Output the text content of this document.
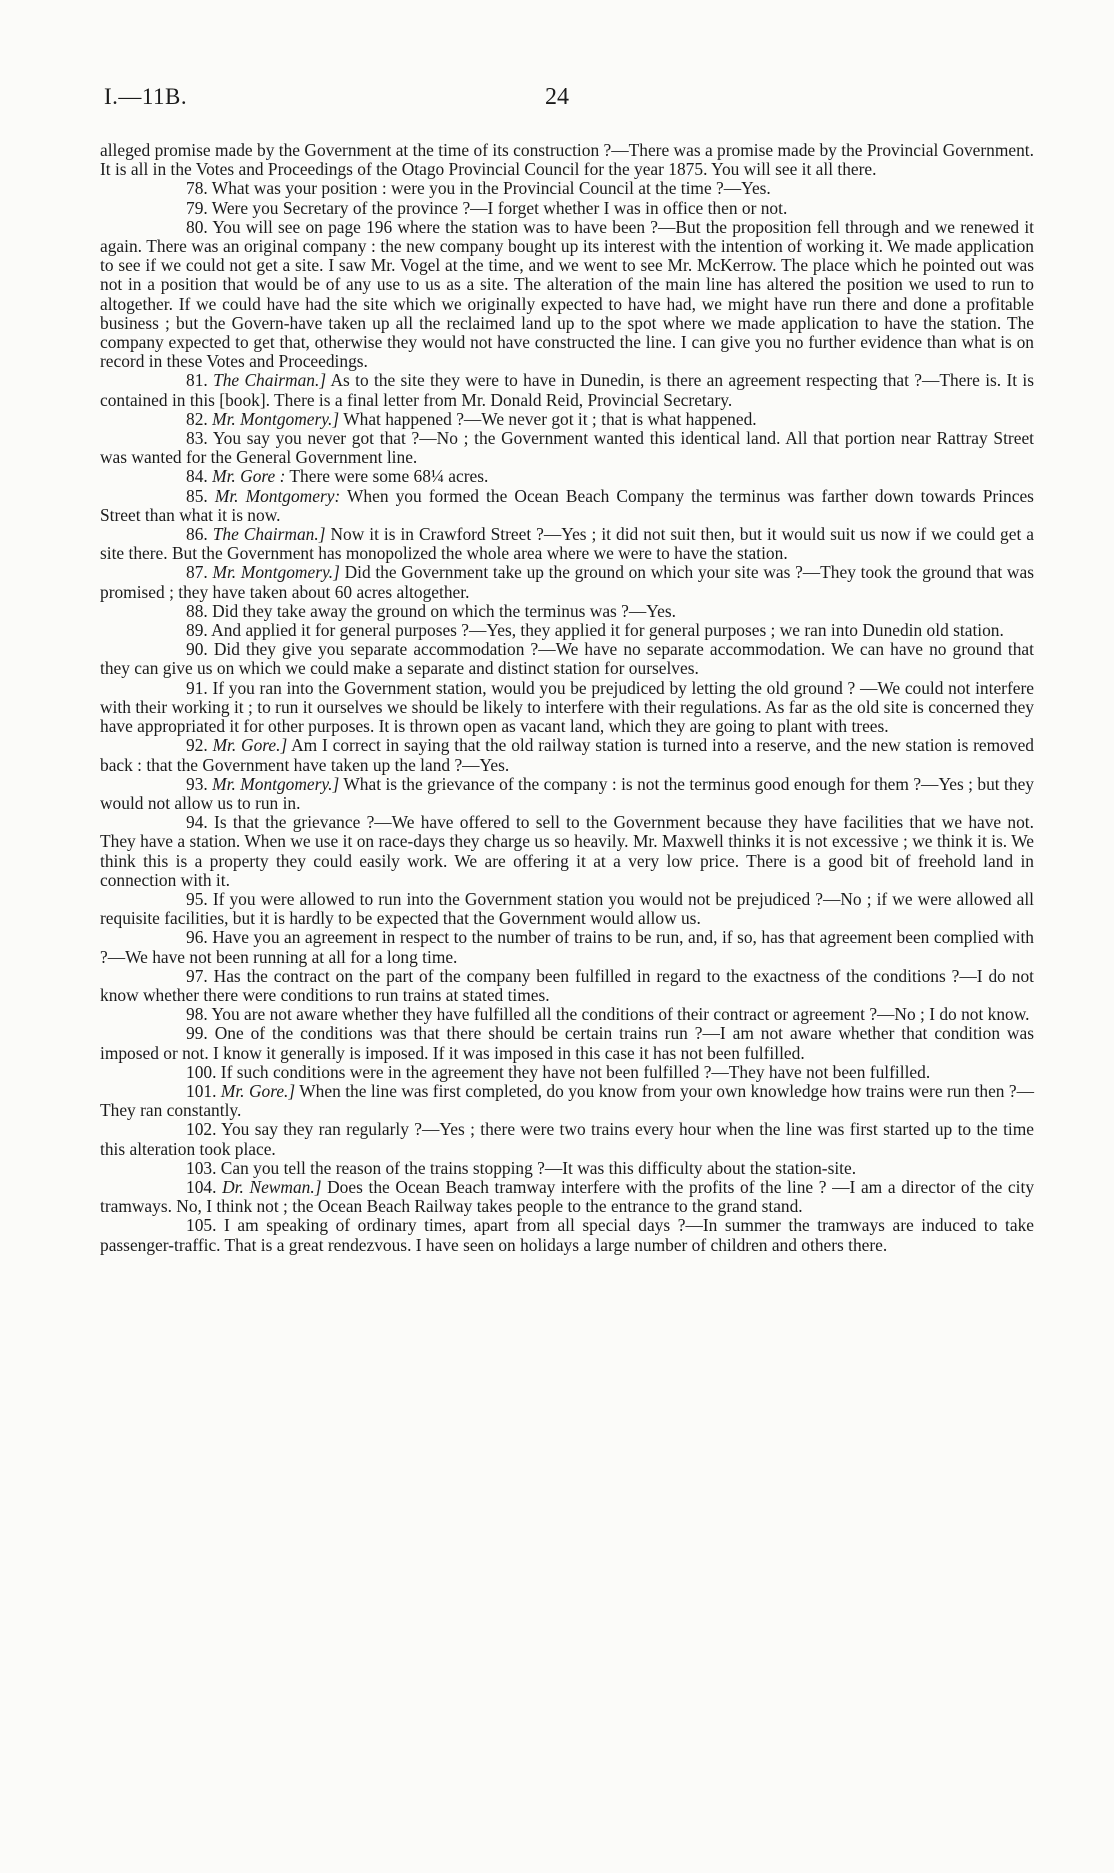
I.—11B.	24

alleged promise made by the Government at the time of its construction ?—There was a promise made by the Provincial Government. It is all in the Votes and Proceedings of the Otago Provincial Council for the year 1875. You will see it all there.

78. What was your position : were you in the Provincial Council at the time ?—Yes.

79. Were you Secretary of the province ?—I forget whether I was in office then or not.

80. You will see on page 196 where the station was to have been ?—But the proposition fell through and we renewed it again. There was an original company : the new company bought up its interest with the intention of working it. We made application to see if we could not get a site. I saw Mr. Vogel at the time, and we went to see Mr. McKerrow. The place which he pointed out was not in a position that would be of any use to us as a site. The alteration of the main line has altered the position we used to run to altogether. If we could have had the site which we originally expected to have had, we might have run there and done a profitable business ; but the Govern-have taken up all the reclaimed land up to the spot where we made application to have the station. The company expected to get that, otherwise they would not have constructed the line. I can give you no further evidence than what is on record in these Votes and Proceedings.

81. The Chairman.] As to the site they were to have in Dunedin, is there an agreement respecting that ?—There is. It is contained in this [book]. There is a final letter from Mr. Donald Reid, Provincial Secretary.

82. Mr. Montgomery.] What happened ?—We never got it ; that is what happened.

83. You say you never got that ?—No ; the Government wanted this identical land. All that portion near Rattray Street was wanted for the General Government line.

84. Mr. Gore : There were some 68¼ acres.

85. Mr. Montgomery: When you formed the Ocean Beach Company the terminus was farther down towards Princes Street than what it is now.

86. The Chairman.] Now it is in Crawford Street ?—Yes ; it did not suit then, but it would suit us now if we could get a site there. But the Government has monopolized the whole area where we were to have the station.

87. Mr. Montgomery.] Did the Government take up the ground on which your site was ?—They took the ground that was promised ; they have taken about 60 acres altogether.

88. Did they take away the ground on which the terminus was ?—Yes.

89. And applied it for general purposes ?—Yes, they applied it for general purposes ; we ran into Dunedin old station.

90. Did they give you separate accommodation ?—We have no separate accommodation. We can have no ground that they can give us on which we could make a separate and distinct station for ourselves.

91. If you ran into the Government station, would you be prejudiced by letting the old ground ? —We could not interfere with their working it ; to run it ourselves we should be likely to interfere with their regulations. As far as the old site is concerned they have appropriated it for other purposes. It is thrown open as vacant land, which they are going to plant with trees.

92. Mr. Gore.] Am I correct in saying that the old railway station is turned into a reserve, and the new station is removed back : that the Government have taken up the land ?—Yes.

93. Mr. Montgomery.] What is the grievance of the company : is not the terminus good enough for them ?—Yes ; but they would not allow us to run in.

94. Is that the grievance ?—We have offered to sell to the Government because they have facilities that we have not. They have a station. When we use it on race-days they charge us so heavily. Mr. Maxwell thinks it is not excessive ; we think it is. We think this is a property they could easily work. We are offering it at a very low price. There is a good bit of freehold land in connection with it.

95. If you were allowed to run into the Government station you would not be prejudiced ?—No ; if we were allowed all requisite facilities, but it is hardly to be expected that the Government would allow us.

96. Have you an agreement in respect to the number of trains to be run, and, if so, has that agreement been complied with ?—We have not been running at all for a long time.

97. Has the contract on the part of the company been fulfilled in regard to the exactness of the conditions ?—I do not know whether there were conditions to run trains at stated times.

98. You are not aware whether they have fulfilled all the conditions of their contract or agreement ?—No ; I do not know.

99. One of the conditions was that there should be certain trains run ?—I am not aware whether that condition was imposed or not. I know it generally is imposed. If it was imposed in this case it has not been fulfilled.

100. If such conditions were in the agreement they have not been fulfilled ?—They have not been fulfilled.

101. Mr. Gore.] When the line was first completed, do you know from your own knowledge how trains were run then ?—They ran constantly.

102. You say they ran regularly ?—Yes ; there were two trains every hour when the line was first started up to the time this alteration took place.

103. Can you tell the reason of the trains stopping ?—It was this difficulty about the station-site.

104. Dr. Newman.] Does the Ocean Beach tramway interfere with the profits of the line ? —I am a director of the city tramways. No, I think not ; the Ocean Beach Railway takes people to the entrance to the grand stand.

105. I am speaking of ordinary times, apart from all special days ?—In summer the tramways are induced to take passenger-traffic. That is a great rendezvous. I have seen on holidays a large number of children and others there.
